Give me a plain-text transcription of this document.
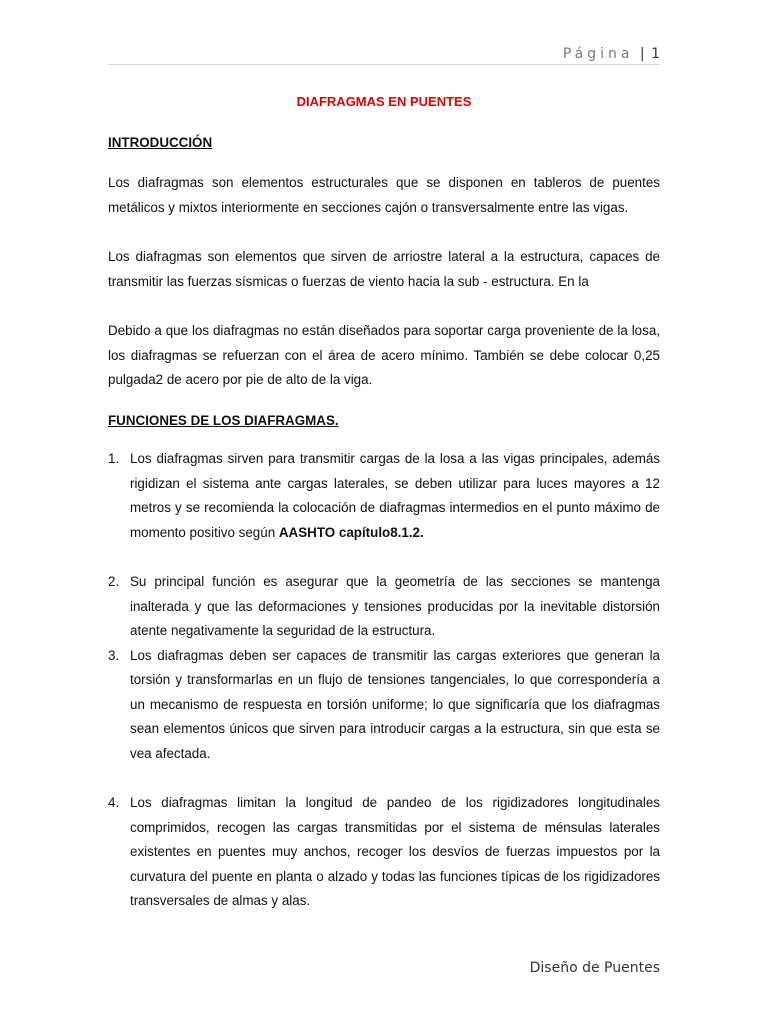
Página | 1

DIAFRAGMAS EN PUENTES

INTRODUCCIÓN

Los diafragmas son elementos estructurales que se disponen en tableros de puentes metálicos y mixtos interiormente en secciones cajón o transversalmente entre las vigas.

Los diafragmas son elementos que sirven de arriostre lateral a la estructura, capaces de transmitir las fuerzas sísmicas o fuerzas de viento hacia la sub - estructura. En la

Debido a que los diafragmas no están diseñados para soportar carga proveniente de la losa, los diafragmas se refuerzan con el área de acero mínimo. También se debe colocar 0,25 pulgada2 de acero por pie de alto de la viga.

FUNCIONES DE LOS DIAFRAGMAS.

1. Los diafragmas sirven para transmitir cargas de la losa a las vigas principales, además rigidizan el sistema ante cargas laterales, se deben utilizar para luces mayores a 12 metros y se recomienda la colocación de diafragmas intermedios en el punto máximo de momento positivo según AASHTO capítulo8.1.2.
2. Su principal función es asegurar que la geometría de las secciones se mantenga inalterada y que las deformaciones y tensiones producidas por la inevitable distorsión atente negativamente la seguridad de la estructura.
3. Los diafragmas deben ser capaces de transmitir las cargas exteriores que generan la torsión y transformarlas en un flujo de tensiones tangenciales, lo que correspondería a un mecanismo de respuesta en torsión uniforme; lo que significaría que los diafragmas sean elementos únicos que sirven para introducir cargas a la estructura, sin que esta se vea afectada.
4. Los diafragmas limitan la longitud de pandeo de los rigidizadores longitudinales comprimidos, recogen las cargas transmitidas por el sistema de ménsulas laterales existentes en puentes muy anchos, recoger los desvíos de fuerzas impuestos por la curvatura del puente en planta o alzado y todas las funciones típicas de los rigidizadores transversales de almas y alas.
Diseño de Puentes
